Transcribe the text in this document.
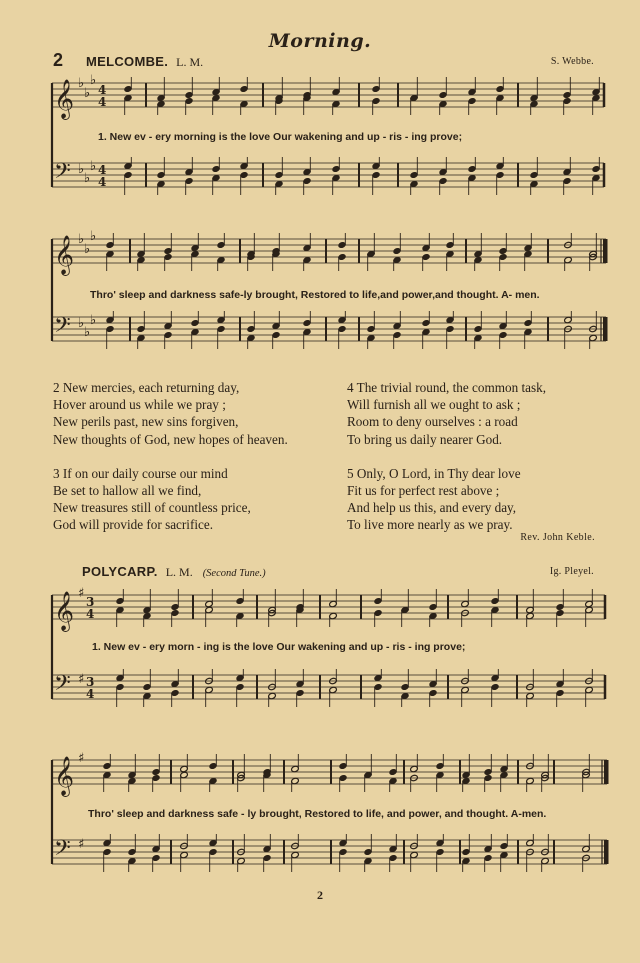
Morning.
2 MELCOMBE. L. M.	S. Webbe.
𝄞
𝄢
♭
♭
♭
♭
♭
♭
4
4
4
4
1. New ev - ery morning is the love Our wakening and up - ris - ing prove;
𝄞
𝄢
♭
♭
♭
♭
♭
♭
Thro' sleep and darkness safe-ly brought, Restored to life,and power,and thought. A- men.
2 New mercies, each returning day,
Hover around us while we pray ;
New perils past, new sins forgiven,
New thoughts of God, new hopes of heaven.
3 If on our daily course our mind
Be set to hallow all we find,
New treasures still of countless price,
God will provide for sacrifice.
4 The trivial round, the common task,
Will furnish all we ought to ask ;
Room to deny ourselves : a road
To bring us daily nearer God.
5 Only, O Lord, in Thy dear love
Fit us for perfect rest above ;
And help us this, and every day,
To live more nearly as we pray.
Rev. John Keble.
POLYCARP. L. M. (Second Tune.)	Ig. Pleyel.
𝄞
𝄢
♯
♯
3
4
3
4
1. New ev - ery morn - ing is the love Our wakening and up - ris - ing prove;
𝄞
𝄢
♯
♯
Thro' sleep and darkness safe - ly brought, Restored to life, and power, and thought. A-men.
2
